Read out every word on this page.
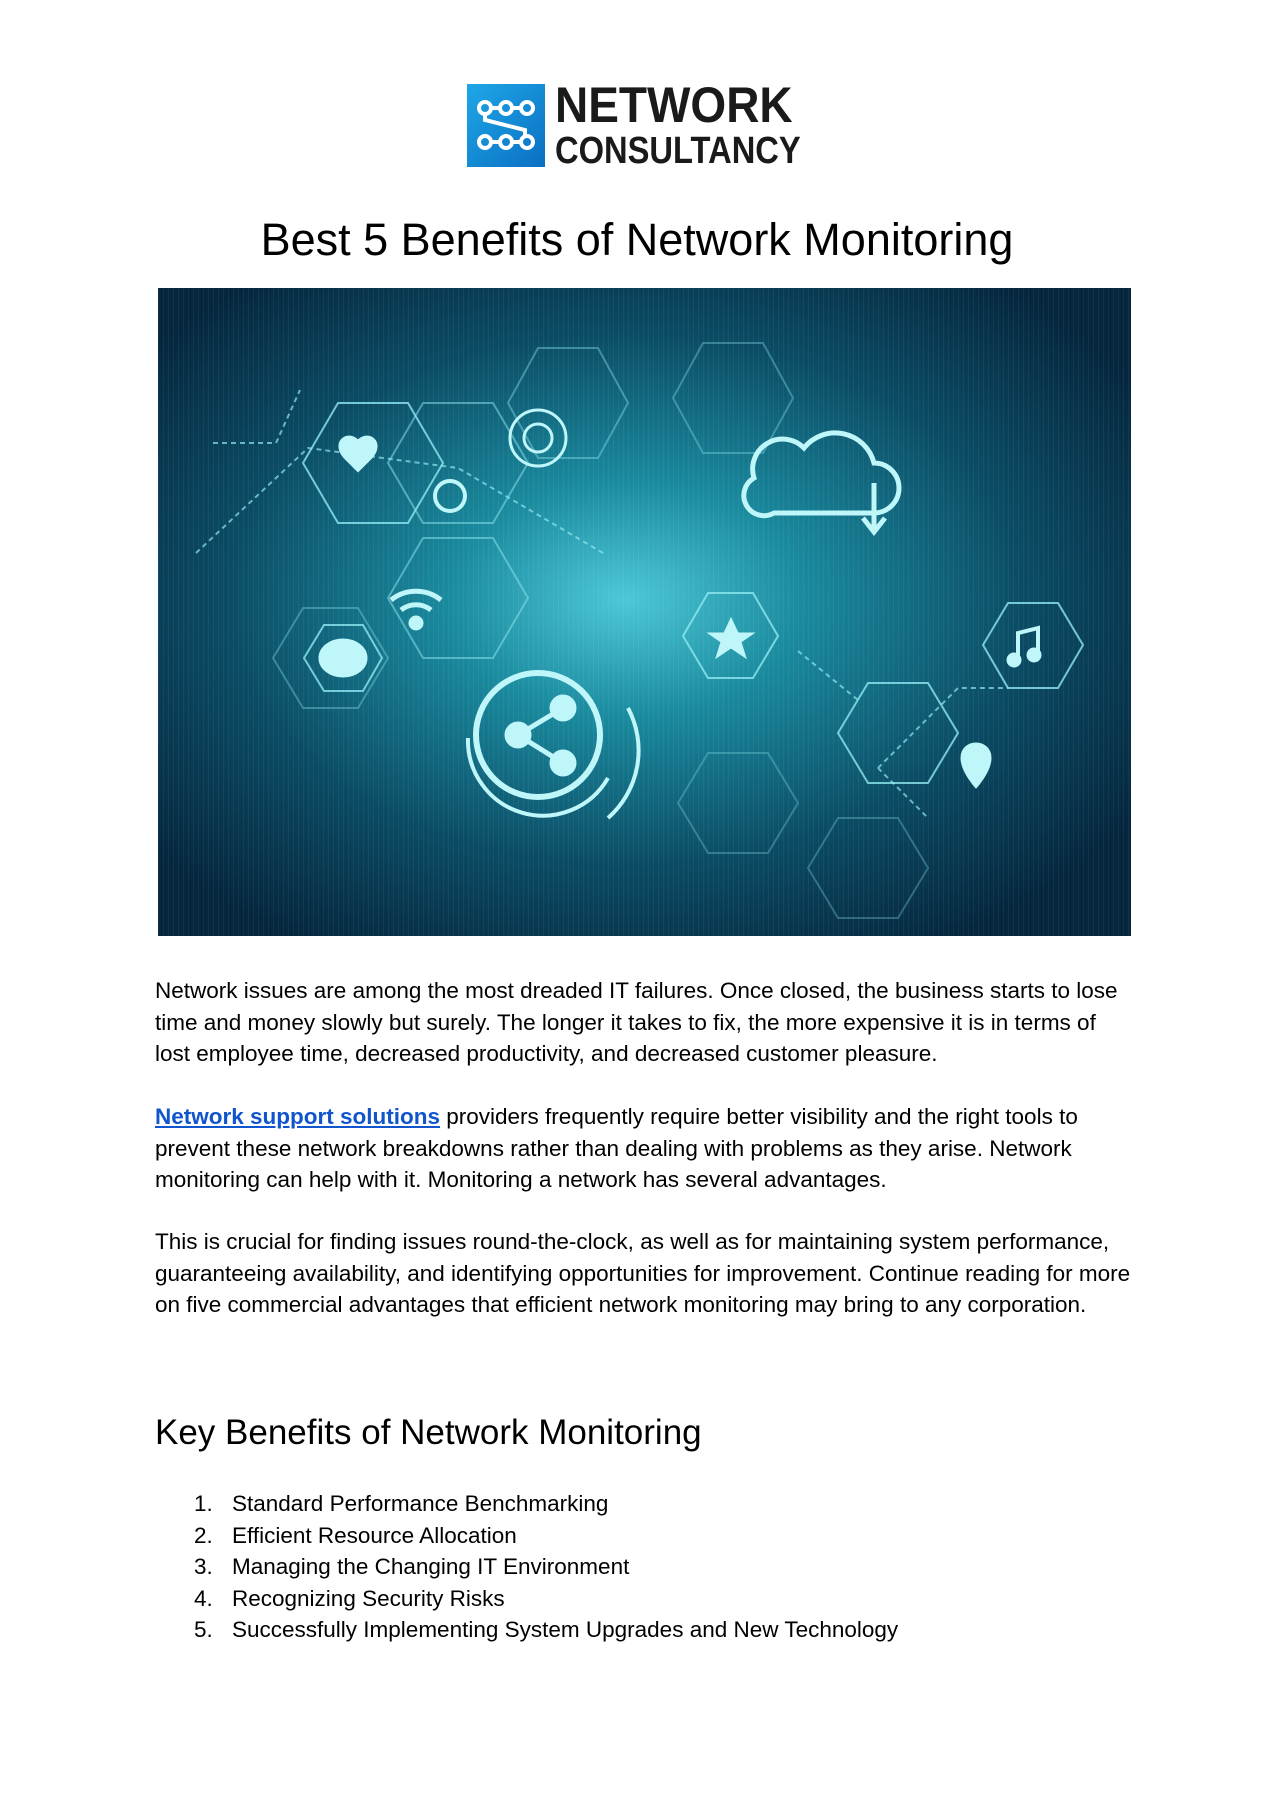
NETWORK
CONSULTANCY
Best 5 Benefits of Network Monitoring

Network issues are among the most dreaded IT failures. Once closed, the business starts to lose time and money slowly but surely. The longer it takes to fix, the more expensive it is in terms of lost employee time, decreased productivity, and decreased customer pleasure.

Network support solutions providers frequently require better visibility and the right tools to prevent these network breakdowns rather than dealing with problems as they arise. Network monitoring can help with it. Monitoring a network has several advantages.

This is crucial for finding issues round-the-clock, as well as for maintaining system performance, guaranteeing availability, and identifying opportunities for improvement. Continue reading for more on five commercial advantages that efficient network monitoring may bring to any corporation.

Key Benefits of Network Monitoring
1. Standard Performance Benchmarking
2. Efficient Resource Allocation
3. Managing the Changing IT Environment
4. Recognizing Security Risks
5. Successfully Implementing System Upgrades and New Technology
